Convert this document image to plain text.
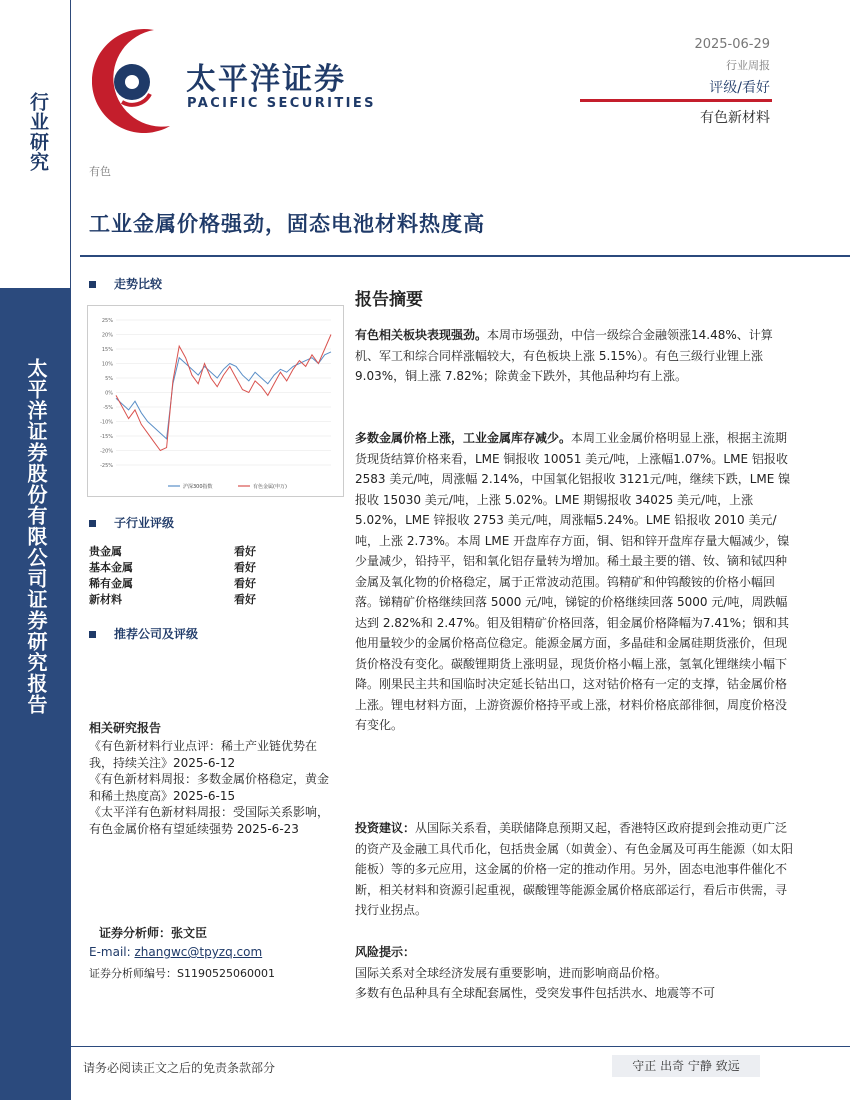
行业研究
太平洋证券股份有限公司证券研究报告
太平洋证券
PACIFIC SECURITIES
2025-06-29
行业周报
评级/看好
有色新材料
有色
工业金属价格强劲，固态电池材料热度高
走势比较
25%
20%
15%
10%
5%
0%
-5%
-10%
-15%
-20%
-25%
沪深300指数	有色金属(申万)
子行业评级
贵金属	看好
基本金属	看好
稀有金属	看好
新材料	看好
推荐公司及评级
相关研究报告
《有色新材料行业点评：稀土产业链优势在我，持续关注》2025-6-12
《有色新材料周报：多数金属价格稳定，黄金和稀土热度高》2025-6-15
《太平洋有色新材料周报：受国际关系影响，有色金属价格有望延续强势 2025-6-23
证券分析师：张文臣
E-mail: zhangwc@tpyzq.com
证券分析师编号：S1190525060001
报告摘要
有色相关板块表现强劲。本周市场强劲，中信一级综合金融领涨14.48%、计算机、军工和综合同样涨幅较大，有色板块上涨 5.15%）。有色三级行业锂上涨 9.03%，铜上涨 7.82%；除黄金下跌外，其他品种均有上涨。
多数金属价格上涨，工业金属库存减少。本周工业金属价格明显上涨，根据主流期货现货结算价格来看，LME 铜报收 10051 美元/吨，上涨幅1.07%。LME 铝报收 2583 美元/吨，周涨幅 2.14%，中国氧化铝报收 3121元/吨，继续下跌，LME 镍报收 15030 美元/吨，上涨 5.02%。LME 期锡报收 34025 美元/吨，上涨 5.02%，LME 锌报收 2753 美元/吨，周涨幅5.24%。LME 铅报收 2010 美元/吨，上涨 2.73%。本周 LME 开盘库存方面，铜、铝和锌开盘库存量大幅减少，镍少量减少，铅持平，铝和氧化铝存量转为增加。稀土最主要的镨、钕、镝和铽四种金属及氧化物的价格稳定，属于正常波动范围。钨精矿和仲钨酸铵的价格小幅回落。锑精矿价格继续回落 5000 元/吨，锑锭的价格继续回落 5000 元/吨，周跌幅达到 2.82%和 2.47%。钼及钼精矿价格回落，钼金属价格降幅为7.41%；铟和其他用量较少的金属价格高位稳定。能源金属方面，多晶硅和金属硅期货涨价，但现货价格没有变化。碳酸锂期货上涨明显，现货价格小幅上涨，氢氧化锂继续小幅下降。刚果民主共和国临时决定延长钴出口，这对钴价格有一定的支撑，钴金属价格上涨。锂电材料方面，上游资源价格持平或上涨，材料价格底部徘徊，周度价格没有变化。
投资建议：从国际关系看，美联储降息预期又起，香港特区政府提到会推动更广泛的资产及金融工具代币化，包括贵金属（如黄金）、有色金属及可再生能源（如太阳能板）等的多元应用，这金属的价格一定的推动作用。另外，固态电池事件催化不断，相关材料和资源引起重视，碳酸锂等能源金属价格底部运行，看后市供需，寻找行业拐点。
风险提示：
国际关系对全球经济发展有重要影响，进而影响商品价格。
多数有色品种具有全球配套属性，受突发事件包括洪水、地震等不可
请务必阅读正文之后的免责条款部分	守正 出奇 宁静 致远
